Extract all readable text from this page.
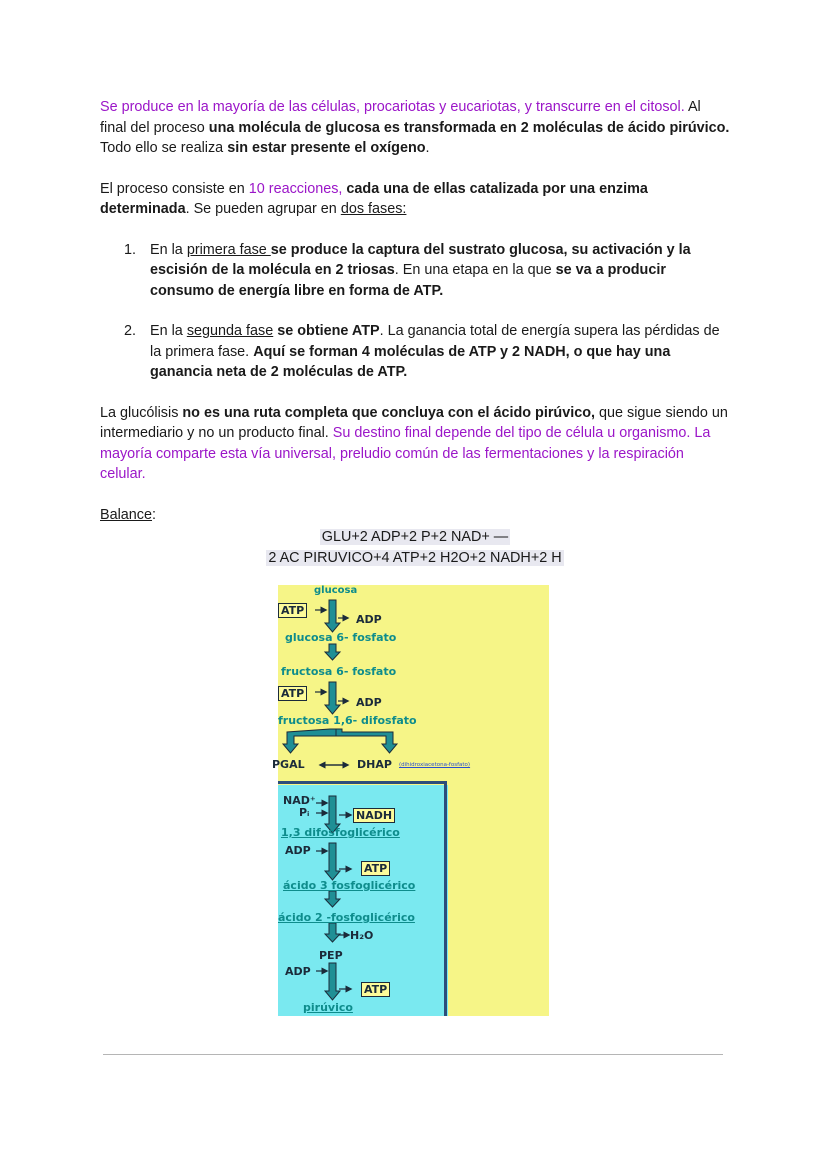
Se produce en la mayoría de las células, procariotas y eucariotas, y transcurre en el citosol. Al final del proceso una molécula de glucosa es transformada en 2 moléculas de ácido pirúvico. Todo ello se realiza sin estar presente el oxígeno.

El proceso consiste en 10 reacciones, cada una de ellas catalizada por una enzima determinada. Se pueden agrupar en dos fases:

1. En la primera fase se produce la captura del sustrato glucosa, su activación y la escisión de la molécula en 2 triosas. En una etapa en la que se va a producir consumo de energía libre en forma de ATP.
2. En la segunda fase se obtiene ATP. La ganancia total de energía supera las pérdidas de la primera fase. Aquí se forman 4 moléculas de ATP y 2 NADH, o que hay una ganancia neta de 2 moléculas de ATP.

La glucólisis no es una ruta completa que concluya con el ácido pirúvico, que sigue siendo un intermediario y no un producto final. Su destino final depende del tipo de célula u organismo. La mayoría comparte esta vía universal, preludio común de las fermentaciones y la respiración celular.

Balance:

GLU+2 ADP+2 P+2 NAD+ —
2 AC PIRUVICO+4 ATP+2 H2O+2 NADH+2 H
glucosa
ATP
ADP
glucosa 6- fosfato
fructosa 6- fosfato
ATP
ADP
fructosa 1,6- difosfato
PGAL	DHAP (dihidroxiacetona-fosfato)
NAD⁺
Pᵢ	NADH
1,3 difosfoglicérico
ADP
ATP
ácido 3 fosfoglicérico
ácido 2 -fosfoglicérico
H₂O
PEP
ADP
ATP
pirúvico
